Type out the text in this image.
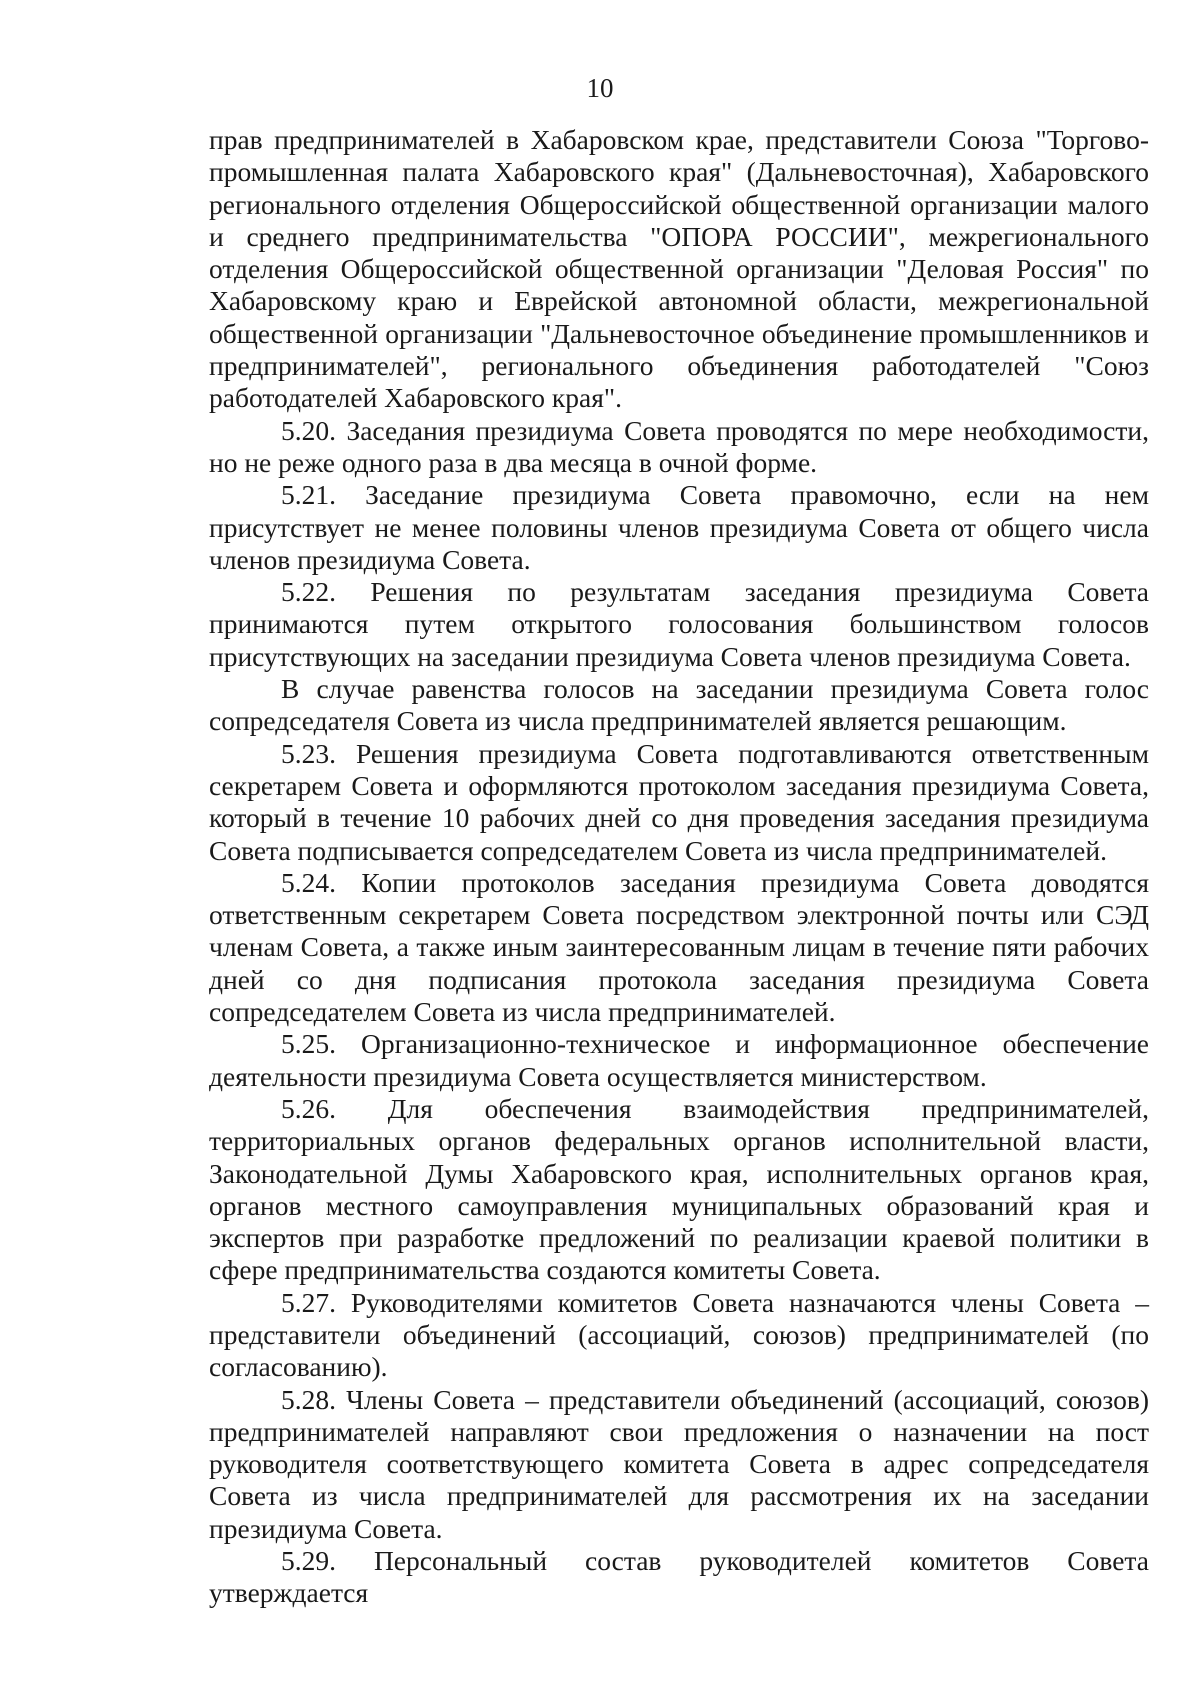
10

прав предпринимателей в Хабаровском крае, представители Союза "Торгово-промышленная палата Хабаровского края" (Дальневосточная), Хабаровского регионального отделения Общероссийской общественной организации малого и среднего предпринимательства "ОПОРА РОССИИ", межрегионального отделения Общероссийской общественной организации "Деловая Россия" по Хабаровскому краю и Еврейской автономной области, межрегиональной общественной организации "Дальневосточное объединение промышленников и предпринимателей", регионального объединения работодателей "Союз работодателей Хабаровского края".

5.20. Заседания президиума Совета проводятся по мере необходимости, но не реже одного раза в два месяца в очной форме.

5.21. Заседание президиума Совета правомочно, если на нем присутствует не менее половины членов президиума Совета от общего числа членов президиума Совета.

5.22. Решения по результатам заседания президиума Совета принимаются путем открытого голосования большинством голосов присутствующих на заседании президиума Совета членов президиума Совета.

В случае равенства голосов на заседании президиума Совета голос сопредседателя Совета из числа предпринимателей является решающим.

5.23. Решения президиума Совета подготавливаются ответственным секретарем Совета и оформляются протоколом заседания президиума Совета, который в течение 10 рабочих дней со дня проведения заседания президиума Совета подписывается сопредседателем Совета из числа предпринимателей.

5.24. Копии протоколов заседания президиума Совета доводятся ответственным секретарем Совета посредством электронной почты или СЭД членам Совета, а также иным заинтересованным лицам в течение пяти рабочих дней со дня подписания протокола заседания президиума Совета сопредседателем Совета из числа предпринимателей.

5.25. Организационно-техническое и информационное обеспечение деятельности президиума Совета осуществляется министерством.

5.26. Для обеспечения взаимодействия предпринимателей, территориальных органов федеральных органов исполнительной власти, Законодательной Думы Хабаровского края, исполнительных органов края, органов местного самоуправления муниципальных образований края и экспертов при разработке предложений по реализации краевой политики в сфере предпринимательства создаются комитеты Совета.

5.27. Руководителями комитетов Совета назначаются члены Совета – представители объединений (ассоциаций, союзов) предпринимателей (по согласованию).

5.28. Члены Совета – представители объединений (ассоциаций, союзов) предпринимателей направляют свои предложения о назначении на пост руководителя соответствующего комитета Совета в адрес сопредседателя Совета из числа предпринимателей для рассмотрения их на заседании президиума Совета.

5.29. Персональный состав руководителей комитетов Совета утверждается
